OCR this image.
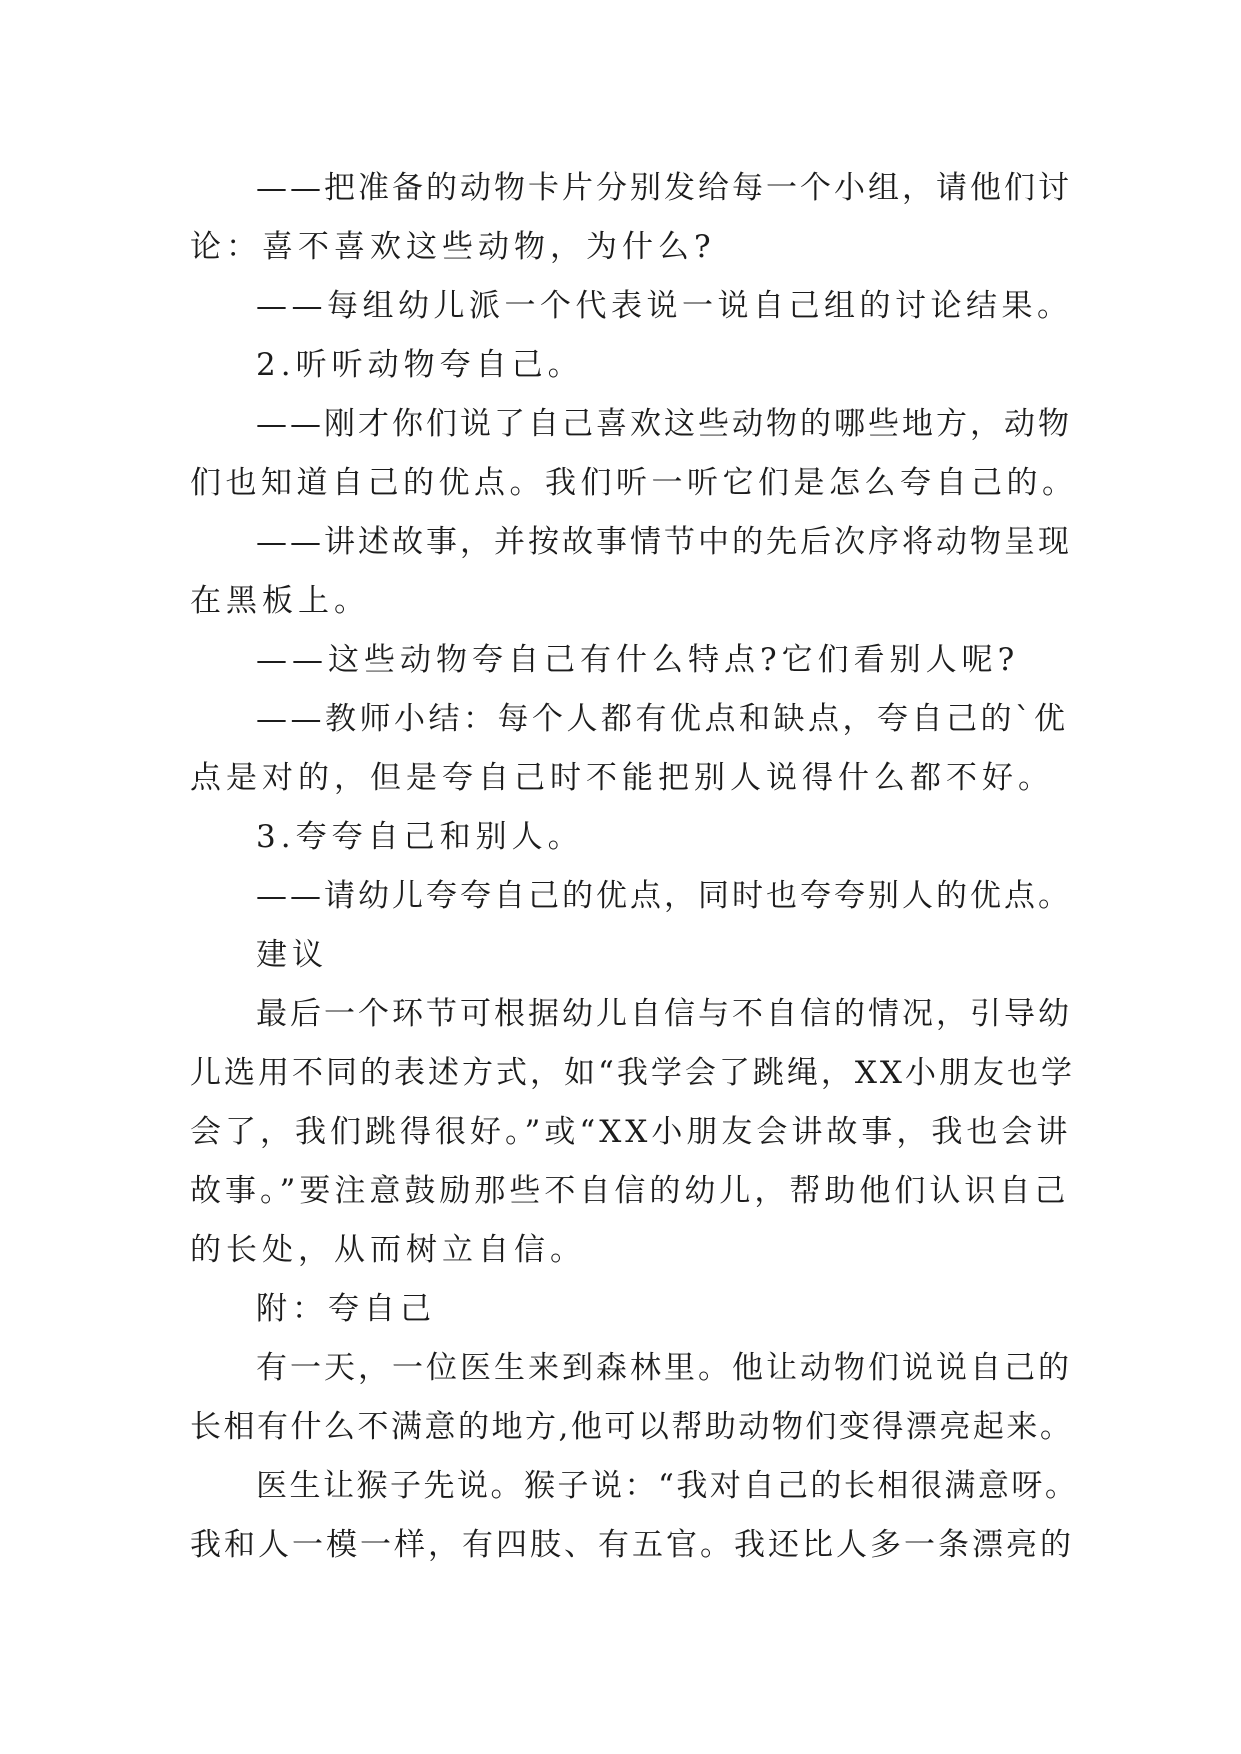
——把准备的动物卡片分别发给每一个小组，请他们讨
论：喜不喜欢这些动物，为什么?
——每组幼儿派一个代表说一说自己组的讨论结果。
2.听听动物夸自己。
——刚才你们说了自己喜欢这些动物的哪些地方，动物
们也知道自己的优点。我们听一听它们是怎么夸自己的。
——讲述故事，并按故事情节中的先后次序将动物呈现
在黑板上。
——这些动物夸自己有什么特点?它们看别人呢?
——教师小结：每个人都有优点和缺点，夸自己的`优
点是对的，但是夸自己时不能把别人说得什么都不好。
3.夸夸自己和别人。
——请幼儿夸夸自己的优点，同时也夸夸别人的优点。
建议
最后一个环节可根据幼儿自信与不自信的情况，引导幼
儿选用不同的表述方式，如“我学会了跳绳，XX小朋友也学
会了，我们跳得很好。”或“XX小朋友会讲故事，我也会讲
故事。”要注意鼓励那些不自信的幼儿，帮助他们认识自己
的长处，从而树立自信。
附：夸自己
有一天，一位医生来到森林里。他让动物们说说自己的
长相有什么不满意的地方,他可以帮助动物们变得漂亮起来。
医生让猴子先说。猴子说：“我对自己的长相很满意呀。
我和人一模一样，有四肢、有五官。我还比人多一条漂亮的
